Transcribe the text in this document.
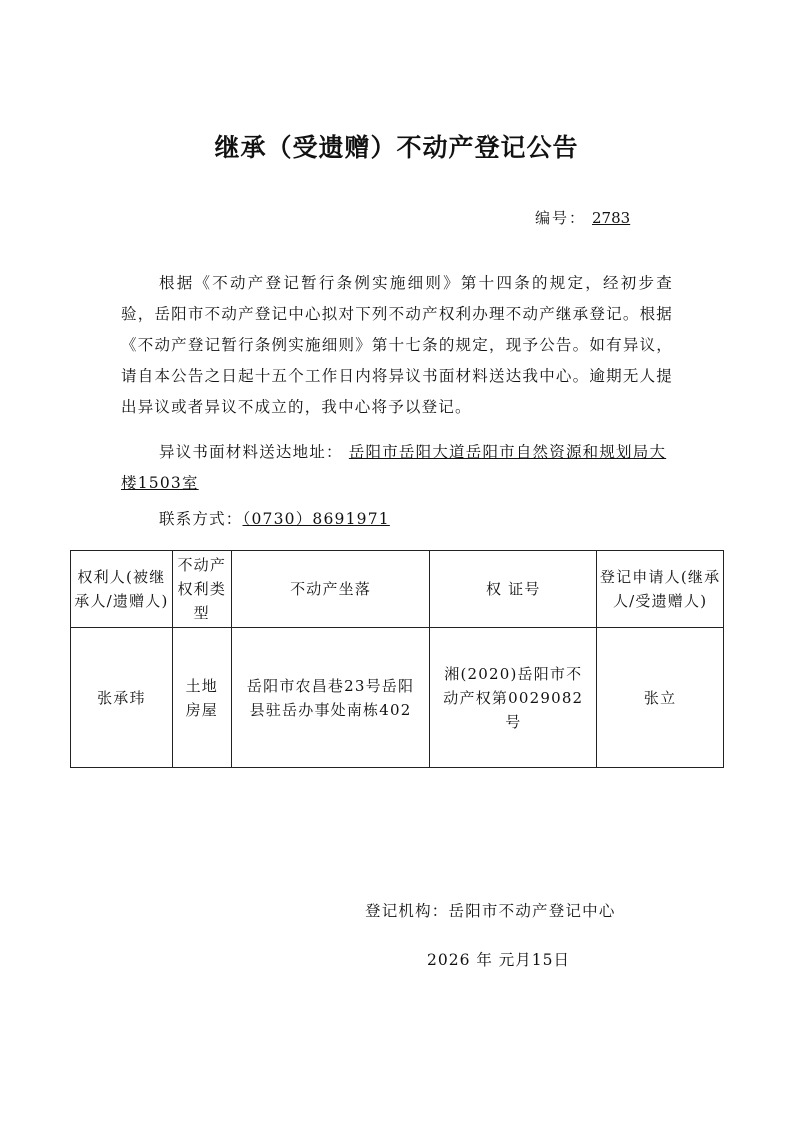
继承（受遗赠）不动产登记公告
编号： 2783
根据《不动产登记暂行条例实施细则》第十四条的规定，经初步查验，岳阳市不动产登记中心拟对下列不动产权利办理不动产继承登记。根据《不动产登记暂行条例实施细则》第十七条的规定，现予公告。如有异议，请自本公告之日起十五个工作日内将异议书面材料送达我中心。逾期无人提出异议或者异议不成立的，我中心将予以登记。
异议书面材料送达地址： 岳阳市岳阳大道岳阳市自然资源和规划局大楼1503室
联系方式：（0730）8691971
权利人(被继承人/遗赠人)	不动产权利类型	不动产坐落	权 证号	登记申请人(继承人/受遗赠人)
张承玮	土地房屋	岳阳市农昌巷23号岳阳县驻岳办事处南栋402	湘(2020)岳阳市不动产权第0029082号	张立
登记机构：岳阳市不动产登记中心
2026 年 元月15日
